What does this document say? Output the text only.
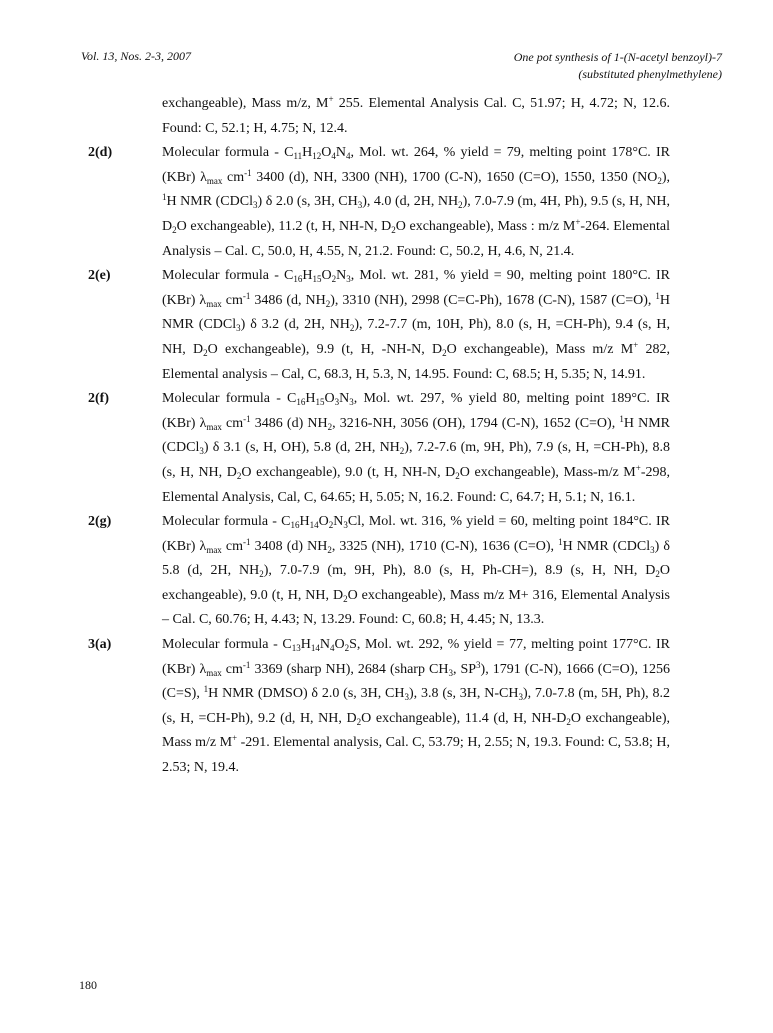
Vol. 13, Nos. 2-3, 2007	One pot synthesis of 1-(N-acetyl benzoyl)-7
(substituted phenylmethylene)
exchangeable), Mass m/z, M+ 255. Elemental Analysis Cal. C, 51.97; H, 4.72; N, 12.6. Found: C, 52.1; H, 4.75; N, 12.4.
2(d)	Molecular formula - $C_{11}H_{12}O_4N_4$, Mol. wt. 264, % yield = 79, melting point 178°C. IR (KBr) $\lambda_{max}$ $cm^{-1}$ 3400 (d), NH, 3300 (NH), 1700 (C-N), 1650 (C=O), 1550, 1350 $(NO_2)$, $^1$H NMR (CDCl$_3$) δ 2.0 (s, 3H, $CH_3$), 4.0 (d, 2H, $NH_2$), 7.0-7.9 (m, 4H, Ph), 9.5 (s, H, NH, $D_2O$ exchangeable), 11.2 (t, H, NH-N, $D_2O$ exchangeable), Mass : m/z M+-264. Elemental Analysis – Cal. C, 50.0, H, 4.55, N, 21.2. Found: C, 50.2, H, 4.6, N, 21.4.
2(e)	Molecular formula - $C_{16}H_{15}O_2N_3$, Mol. wt. 281, % yield = 90, melting point 180°C. IR (KBr) $\lambda_{max}$ $cm^{-1}$ 3486 (d, $NH_2$), 3310 (NH), 2998 (C=C-Ph), 1678 (C-N), 1587 (C=O), $^1$H NMR (CDCl$_3$) δ 3.2 (d, 2H, $NH_2$), 7.2-7.7 (m, 10H, Ph), 8.0 (s, H, =CH-Ph), 9.4 (s, H, NH, $D_2O$ exchangeable), 9.9 (t, H, -NH-N, $D_2O$ exchangeable), Mass m/z M+ 282, Elemental analysis – Cal, C, 68.3, H, 5.3, N, 14.95. Found: C, 68.5; H, 5.35; N, 14.91.
2(f)	Molecular formula - $C_{16}H_{15}O_3N_3$, Mol. wt. 297, % yield 80, melting point 189°C. IR (KBr) $\lambda_{max}$ $cm^{-1}$ 3486 (d) $NH_2$, 3216-NH, 3056 (OH), 1794 (C-N), 1652 (C=O), $^1$H NMR (CDCl$_3$) δ 3.1 (s, H, OH), 5.8 (d, 2H, $NH_2$), 7.2-7.6 (m, 9H, Ph), 7.9 (s, H, =CH-Ph), 8.8 (s, H, NH, $D_2O$ exchangeable), 9.0 (t, H, NH-N, $D_2O$ exchangeable), Mass-m/z M+-298, Elemental Analysis, Cal, C, 64.65; H, 5.05; N, 16.2. Found: C, 64.7; H, 5.1; N, 16.1.
2(g)	Molecular formula - $C_{16}H_{14}O_2N_3Cl$, Mol. wt. 316, % yield = 60, melting point 184°C. IR (KBr) $\lambda_{max}$ $cm^{-1}$ 3408 (d) $NH_2$, 3325 (NH), 1710 (C-N), 1636 (C=O), $^1$H NMR (CDCl$_3$) δ 5.8 (d, 2H, $NH_2$), 7.0-7.9 (m, 9H, Ph), 8.0 (s, H, Ph-CH=), 8.9 (s, H, NH, $D_2O$ exchangeable), 9.0 (t, H, NH, $D_2O$ exchangeable), Mass m/z M+ 316, Elemental Analysis – Cal. C, 60.76; H, 4.43; N, 13.29. Found: C, 60.8; H, 4.45; N, 13.3.
3(a)	Molecular formula - $C_{13}H_{14}N_4O_2S$, Mol. wt. 292, % yield = 77, melting point 177°C. IR (KBr) $\lambda_{max}$ $cm^{-1}$ 3369 (sharp NH), 2684 (sharp $CH_3$, $SP^3$), 1791 (C-N), 1666 (C=O), 1256 (C=S), $^1$H NMR (DMSO) δ 2.0 (s, 3H, $CH_3$), 3.8 (s, 3H, $N-CH_3$), 7.0-7.8 (m, 5H, Ph), 8.2 (s, H, =CH-Ph), 9.2 (d, H, NH, $D_2O$ exchangeable), 11.4 (d, H, $NH-D_2O$ exchangeable), Mass m/z M+ -291. Elemental analysis, Cal. C, 53.79; H, 2.55; N, 19.3. Found: C, 53.8; H, 2.53; N, 19.4.
180
